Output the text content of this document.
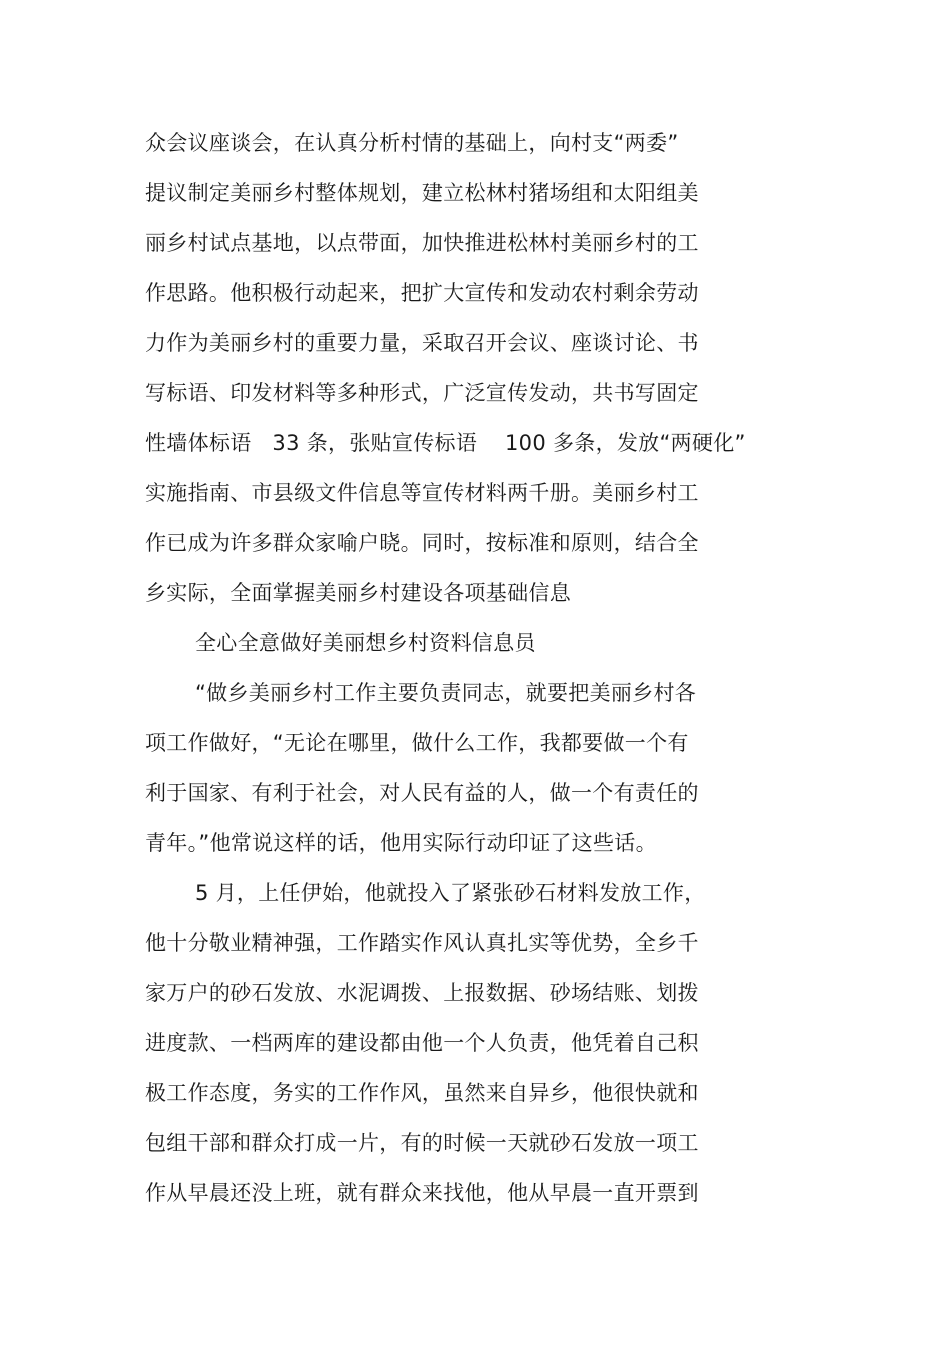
众会议座谈会，在认真分析村情的基础上，向村支“两委”
提议制定美丽乡村整体规划，建立松林村猪场组和太阳组美
丽乡村试点基地，以点带面，加快推进松林村美丽乡村的工
作思路。他积极行动起来，把扩大宣传和发动农村剩余劳动
力作为美丽乡村的重要力量，采取召开会议、座谈讨论、书
写标语、印发材料等多种形式，广泛宣传发动，共书写固定
性墙体标语   33 条，张贴宣传标语    100 多条，发放“两硬化”
实施指南、市县级文件信息等宣传材料两千册。美丽乡村工
作已成为许多群众家喻户晓。同时，按标准和原则，结合全
乡实际，全面掌握美丽乡村建设各项基础信息
全心全意做好美丽想乡村资料信息员
“做乡美丽乡村工作主要负责同志，就要把美丽乡村各
项工作做好，“无论在哪里，做什么工作，我都要做一个有
利于国家、有利于社会，对人民有益的人，做一个有责任的
青年。”他常说这样的话，他用实际行动印证了这些话。
5 月，上任伊始，他就投入了紧张砂石材料发放工作，
他十分敬业精神强，工作踏实作风认真扎实等优势，全乡千
家万户的砂石发放、水泥调拨、上报数据、砂场结账、划拨
进度款、一档两库的建设都由他一个人负责，他凭着自己积
极工作态度，务实的工作作风，虽然来自异乡，他很快就和
包组干部和群众打成一片，有的时候一天就砂石发放一项工
作从早晨还没上班，就有群众来找他，他从早晨一直开票到
